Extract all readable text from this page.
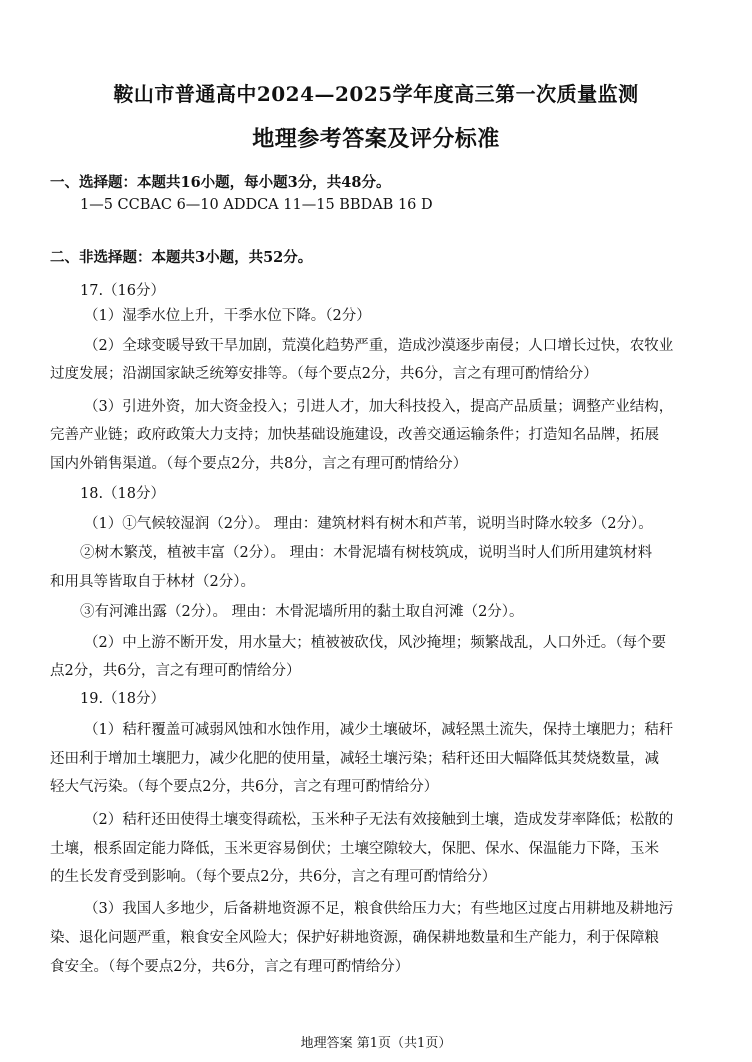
鞍山市普通高中2024—2025学年度高三第一次质量监测
地理参考答案及评分标准
一、选择题：本题共16小题，每小题3分，共48分。
1—5 CCBAC 6—10 ADDCA 11—15 BBDAB 16 D
二、非选择题：本题共3小题，共52分。
17.（16分）
（1）湿季水位上升，干季水位下降。（2分）
（2）全球变暖导致干旱加剧，荒漠化趋势严重，造成沙漠逐步南侵；人口增长过快，农牧业
过度发展；沿湖国家缺乏统筹安排等。（每个要点2分，共6分，言之有理可酌情给分）
（3）引进外资，加大资金投入；引进人才，加大科技投入，提高产品质量；调整产业结构，
完善产业链；政府政策大力支持；加快基础设施建设，改善交通运输条件；打造知名品牌，拓展
国内外销售渠道。（每个要点2分，共8分，言之有理可酌情给分）
18.（18分）
（1）①气候较湿润（2分）。 理由：建筑材料有树木和芦苇，说明当时降水较多（2分）。
②树木繁茂，植被丰富（2分）。 理由：木骨泥墙有树枝筑成，说明当时人们所用建筑材料
和用具等皆取自于林材（2分）。
③有河滩出露（2分）。 理由：木骨泥墙所用的黏土取自河滩（2分）。
（2）中上游不断开发，用水量大；植被被砍伐，风沙掩埋；频繁战乱，人口外迁。（每个要
点2分，共6分，言之有理可酌情给分）
19.（18分）
（1）秸秆覆盖可减弱风蚀和水蚀作用，减少土壤破坏，减轻黑土流失，保持土壤肥力；秸秆
还田利于增加土壤肥力，减少化肥的使用量，减轻土壤污染；秸秆还田大幅降低其焚烧数量，减
轻大气污染。（每个要点2分，共6分，言之有理可酌情给分）
（2）秸秆还田使得土壤变得疏松，玉米种子无法有效接触到土壤，造成发芽率降低；松散的
土壤，根系固定能力降低，玉米更容易倒伏；土壤空隙较大，保肥、保水、保温能力下降，玉米
的生长发育受到影响。（每个要点2分，共6分，言之有理可酌情给分）
（3）我国人多地少，后备耕地资源不足，粮食供给压力大；有些地区过度占用耕地及耕地污
染、退化问题严重，粮食安全风险大；保护好耕地资源，确保耕地数量和生产能力，利于保障粮
食安全。（每个要点2分，共6分，言之有理可酌情给分）
地理答案 第1页（共1页）
